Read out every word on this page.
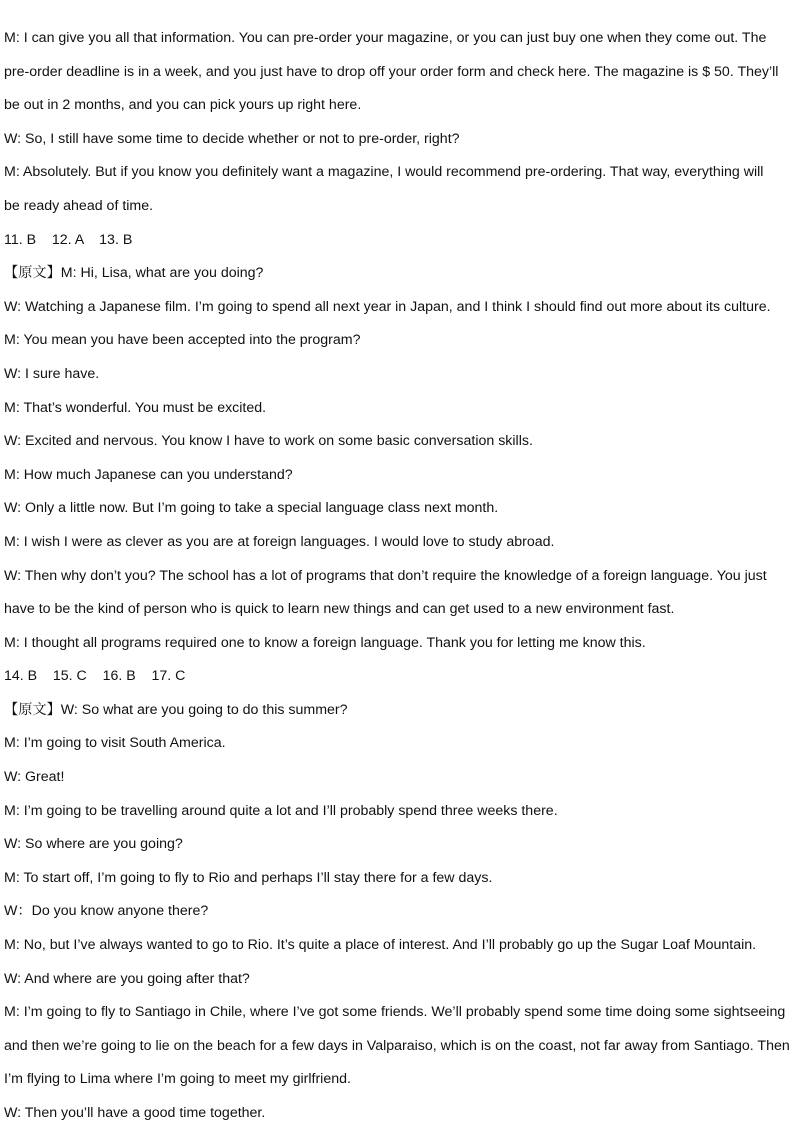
M: I can give you all that information. You can pre-order your magazine, or you can just buy one when they come out. The

pre-order deadline is in a week, and you just have to drop off your order form and check here. The magazine is $ 50. They’ll

be out in 2 months, and you can pick yours up right here.

W: So, I still have some time to decide whether or not to pre-order, right?

M: Absolutely. But if you know you definitely want a magazine, I would recommend pre-ordering. That way, everything will

be ready ahead of time.

11. B    12. A    13. B

【原文】M: Hi, Lisa, what are you doing?

W: Watching a Japanese film. I’m going to spend all next year in Japan, and I think I should find out more about its culture.

M: You mean you have been accepted into the program?

W: I sure have.

M: That’s wonderful. You must be excited.

W: Excited and nervous. You know I have to work on some basic conversation skills.

M: How much Japanese can you understand?

W: Only a little now. But I’m going to take a special language class next month.

M: I wish I were as clever as you are at foreign languages. I would love to study abroad.

W: Then why don’t you? The school has a lot of programs that don’t require the knowledge of a foreign language. You just

have to be the kind of person who is quick to learn new things and can get used to a new environment fast.

M: I thought all programs required one to know a foreign language. Thank you for letting me know this.

14. B    15. C    16. B    17. C

【原文】W: So what are you going to do this summer?

M: I’m going to visit South America.

W: Great!

M: I’m going to be travelling around quite a lot and I’ll probably spend three weeks there.

W: So where are you going?

M: To start off, I’m going to fly to Rio and perhaps I’ll stay there for a few days.

W：Do you know anyone there?

M: No, but I’ve always wanted to go to Rio. It’s quite a place of interest. And I’ll probably go up the Sugar Loaf Mountain.

W: And where are you going after that?

M: I’m going to fly to Santiago in Chile, where I’ve got some friends. We’ll probably spend some time doing some sightseeing

and then we’re going to lie on the beach for a few days in Valparaiso, which is on the coast, not far away from Santiago. Then

I’m flying to Lima where I’m going to meet my girlfriend.

W: Then you’ll have a good time together.
